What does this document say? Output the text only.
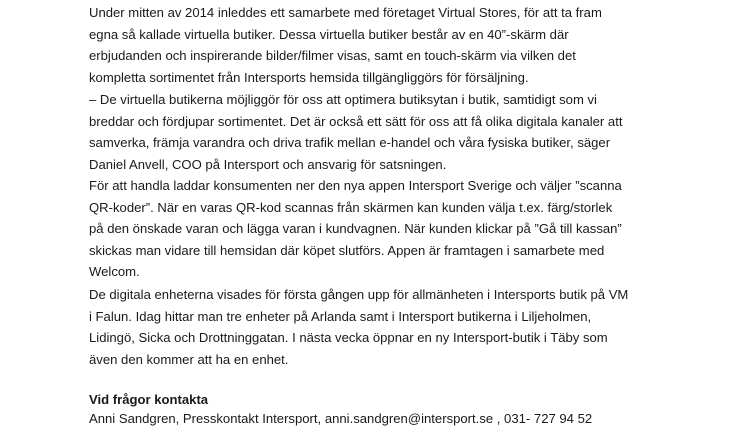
Under mitten av 2014 inleddes ett samarbete med företaget Virtual Stores, för att ta fram
egna så kallade virtuella butiker. Dessa virtuella butiker består av en 40”-skärm där
erbjudanden och inspirerande bilder/filmer visas, samt en touch-skärm via vilken det
kompletta sortimentet från Intersports hemsida tillgängliggörs för försäljning.

– De virtuella butikerna möjliggör för oss att optimera butiksytan i butik, samtidigt som vi
breddar och fördjupar sortimentet. Det är också ett sätt för oss att få olika digitala kanaler att
samverka, främja varandra och driva trafik mellan e-handel och våra fysiska butiker, säger
Daniel Anvell, COO på Intersport och ansvarig för satsningen.

För att handla laddar konsumenten ner den nya appen Intersport Sverige och väljer ”scanna
QR-koder”. När en varas QR-kod scannas från skärmen kan kunden välja t.ex. färg/storlek
på den önskade varan och lägga varan i kundvagnen. När kunden klickar på ”Gå till kassan”
skickas man vidare till hemsidan där köpet slutförs. Appen är framtagen i samarbete med
Welcom.

De digitala enheterna visades för första gången upp för allmänheten i Intersports butik på VM
i Falun. Idag hittar man tre enheter på Arlanda samt i Intersport butikerna i Liljeholmen,
Lidingö, Sicka och Drottninggatan. I nästa vecka öppnar en ny Intersport-butik i Täby som
även den kommer att ha en enhet.

Vid frågor kontakta

Anni Sandgren, Presskontakt Intersport, anni.sandgren@intersport.se , 031- 727 94 52
